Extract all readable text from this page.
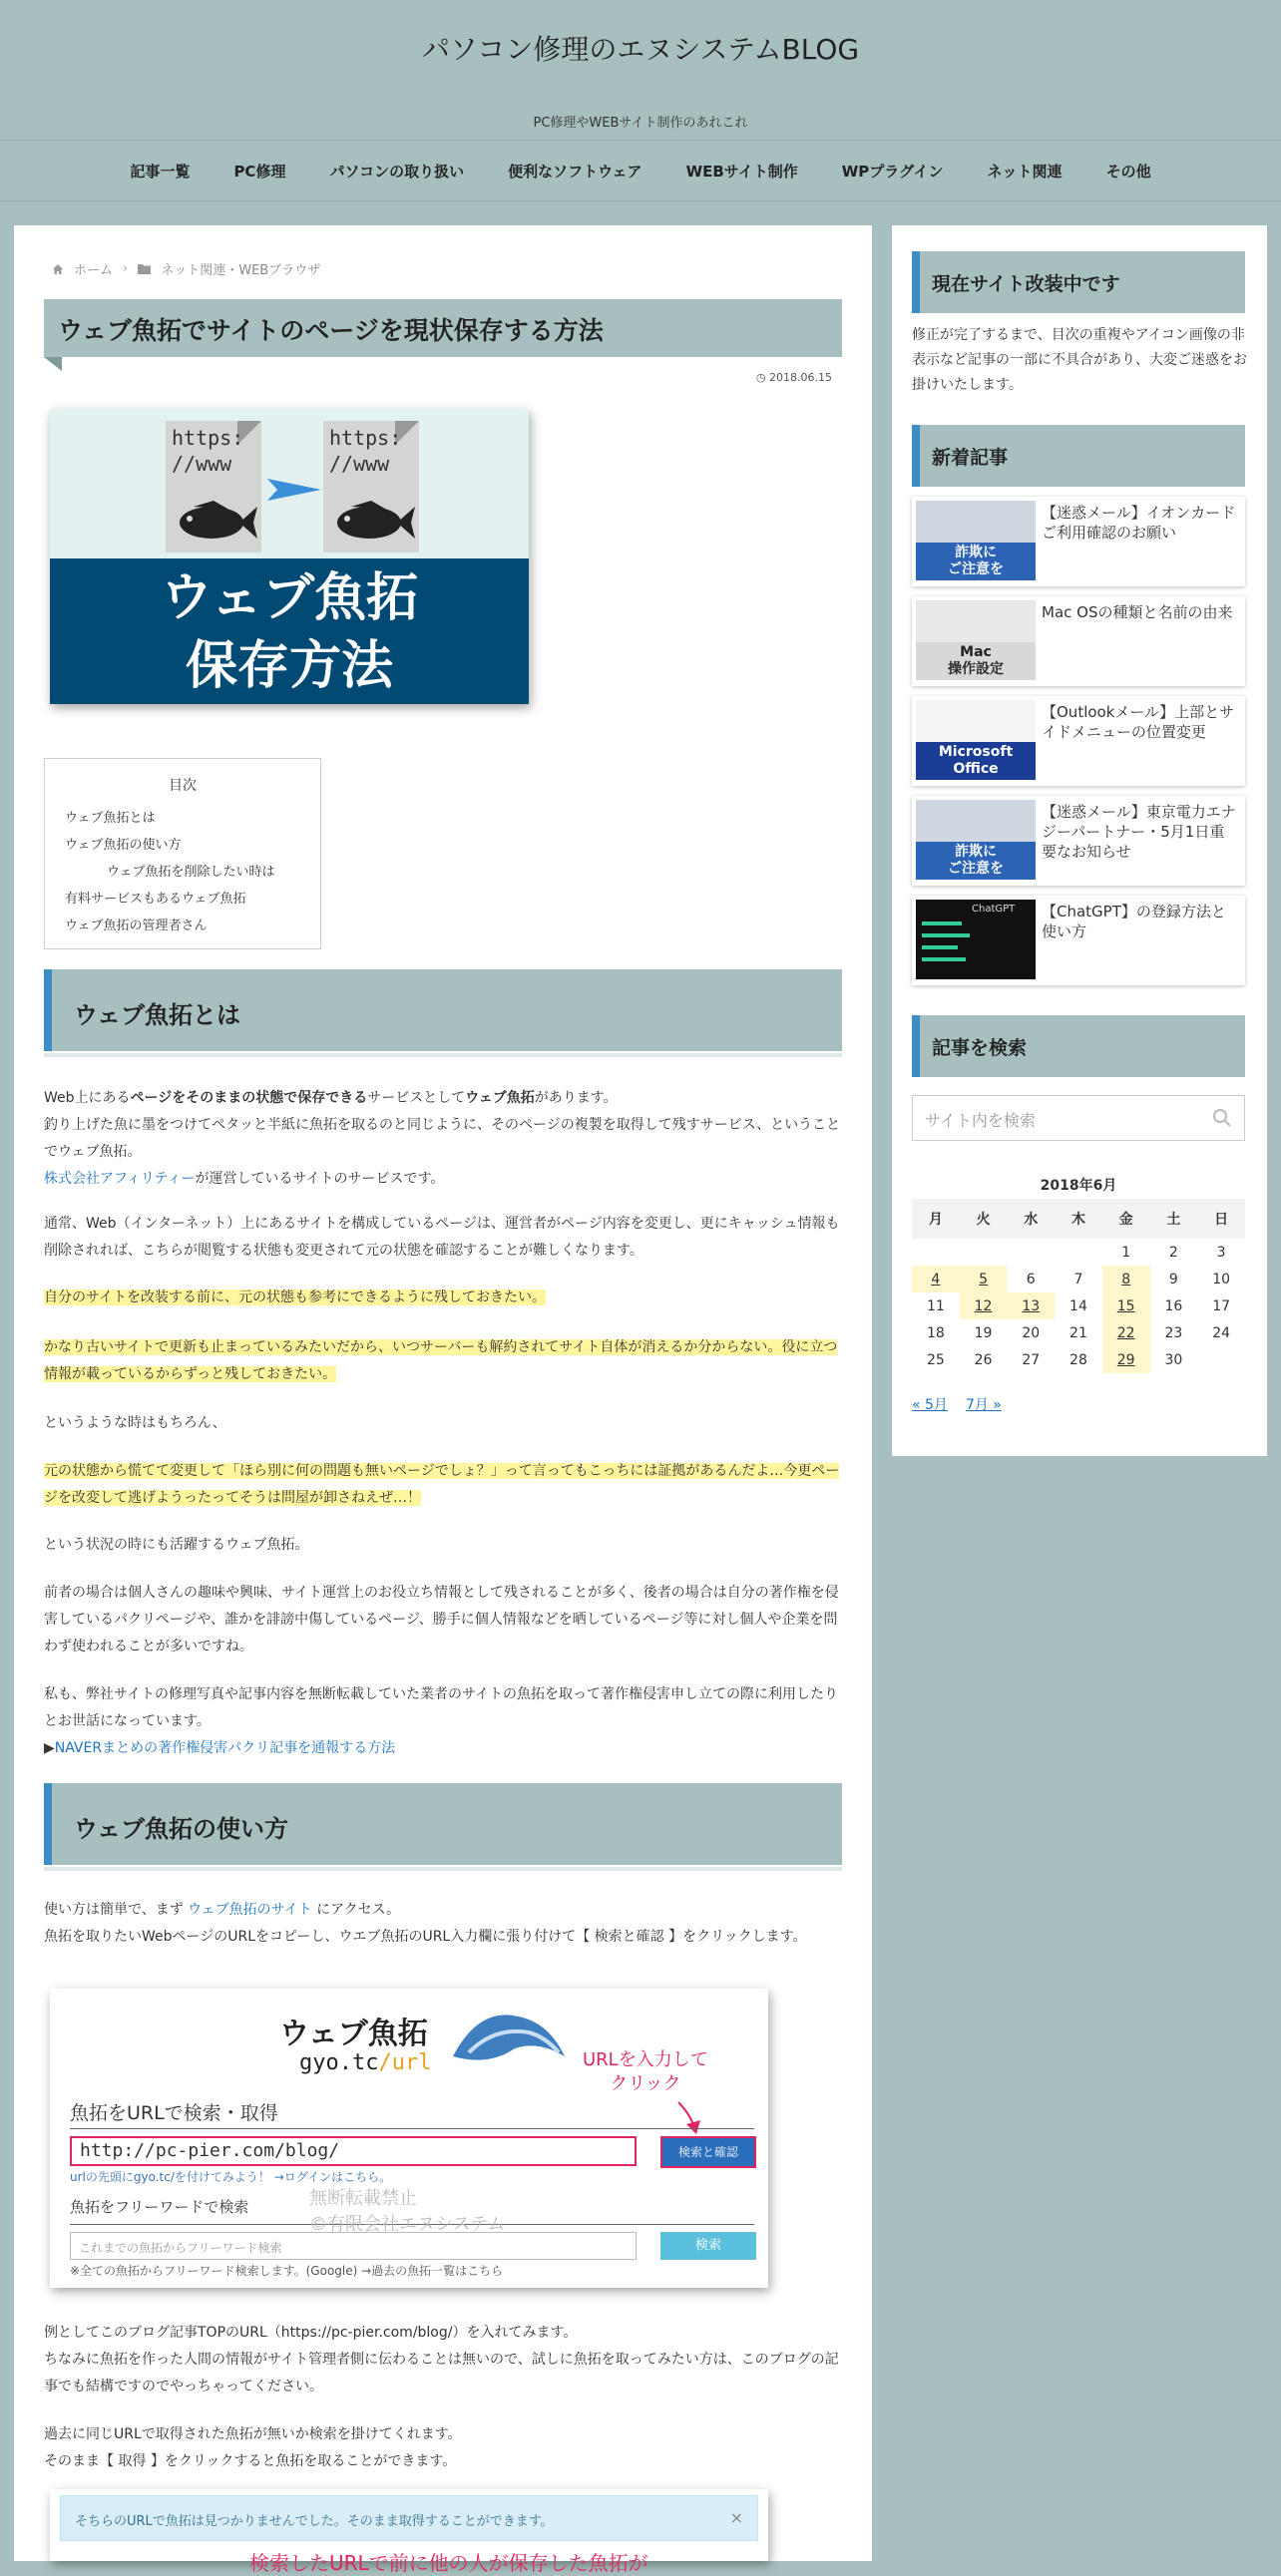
パソコン修理のエヌシステムBLOG
PC修理やWEBサイト制作のあれこれ
記事一覧	PC修理	パソコンの取り扱い	便利なソフトウェア	WEBサイト制作	WPプラグイン	ネット関連	その他
ホーム ›	ネット関連・WEBブラウザ
ウェブ魚拓でサイトのページを現状保存する方法
◷ 2018.06.15
https:
//www
https:
//www
ウェブ魚拓
保存方法
目次
ウェブ魚拓とは
ウェブ魚拓の使い方
ウェブ魚拓を削除したい時は
有料サービスもあるウェブ魚拓
ウェブ魚拓の管理者さん
ウェブ魚拓とは
Web上にあるページをそのままの状態で保存できるサービスとしてウェブ魚拓があります。
釣り上げた魚に墨をつけてペタッと半紙に魚拓を取るのと同じように、そのページの複製を取得して残すサービス、ということでウェブ魚拓。
株式会社アフィリティーが運営しているサイトのサービスです。
通常、Web（インターネット）上にあるサイトを構成しているページは、運営者がページ内容を変更し、更にキャッシュ情報も削除されれば、こちらが閲覧する状態も変更されて元の状態を確認することが難しくなります。
自分のサイトを改装する前に、元の状態も参考にできるように残しておきたい。
かなり古いサイトで更新も止まっているみたいだから、いつサーバーも解約されてサイト自体が消えるか分からない。役に立つ情報が載っているからずっと残しておきたい。
というような時はもちろん、
元の状態から慌てて変更して「ほら別に何の問題も無いページでしょ？」って言ってもこっちには証拠があるんだよ…今更ページを改変して逃げようったってそうは問屋が卸さねえぜ…！
という状況の時にも活躍するウェブ魚拓。
前者の場合は個人さんの趣味や興味、サイト運営上のお役立ち情報として残されることが多く、後者の場合は自分の著作権を侵害しているパクリページや、誰かを誹謗中傷しているページ、勝手に個人情報などを晒しているページ等に対し個人や企業を問わず使われることが多いですね。
私も、弊社サイトの修理写真や記事内容を無断転載していた業者のサイトの魚拓を取って著作権侵害申し立ての際に利用したりとお世話になっています。
▶NAVERまとめの著作権侵害パクリ記事を通報する方法
ウェブ魚拓の使い方
使い方は簡単で、まず ウェブ魚拓のサイト にアクセス。
魚拓を取りたいWebページのURLをコピーし、ウエブ魚拓のURL入力欄に張り付けて【 検索と確認 】をクリックします。
ウェブ魚拓
gyo.tc/url	URLを入力して
クリック
魚拓をURLで検索・取得
http://pc-pier.com/blog/	検索と確認
urlの先頭にgyo.tc/を付けてみよう！ →ログインはこちら。
魚拓をフリーワードで検索	無断転載禁止
©有限会社エヌシステム
これまでの魚拓からフリーワード検索	検索
※全ての魚拓からフリーワード検索します。(Google) →過去の魚拓一覧はこちら
例としてこのブログ記事TOPのURL（https://pc-pier.com/blog/）を入れてみます。
ちなみに魚拓を作った人間の情報がサイト管理者側に伝わることは無いので、試しに魚拓を取ってみたい方は、このブログの記事でも結構ですのでやっちゃってください。
過去に同じURLで取得された魚拓が無いか検索を掛けてくれます。
そのまま【 取得 】をクリックすると魚拓を取ることができます。
そちらのURLで魚拓は見つかりませんでした。そのまま取得することができます。	×
検索したURLで前に他の人が保存した魚拓が
現在サイト改装中です
修正が完了するまで、目次の重複やアイコン画像の非表示など記事の一部に不具合があり、大変ご迷惑をお掛けいたします。
新着記事
詐欺に
ご注意を
【迷惑メール】イオンカード ご利用確認のお願い
Mac
操作設定
Mac OSの種類と名前の由来
Microsoft
Office
【Outlookメール】上部とサイドメニューの位置変更
詐欺に
ご注意を
【迷惑メール】東京電力エナジーパートナー・5月1日重要なお知らせ
ChatGPT 【ChatGPT】の登録方法と使い方
記事を検索
サイト内を検索
2018年6月
月	火	水	木	金	土	日
				1	2	3
4	5	6	7	8	9	10
11	12	13	14	15	16	17
18	19	20	21	22	23	24
25	26	27	28	29	30	
« 5月 7月 »
